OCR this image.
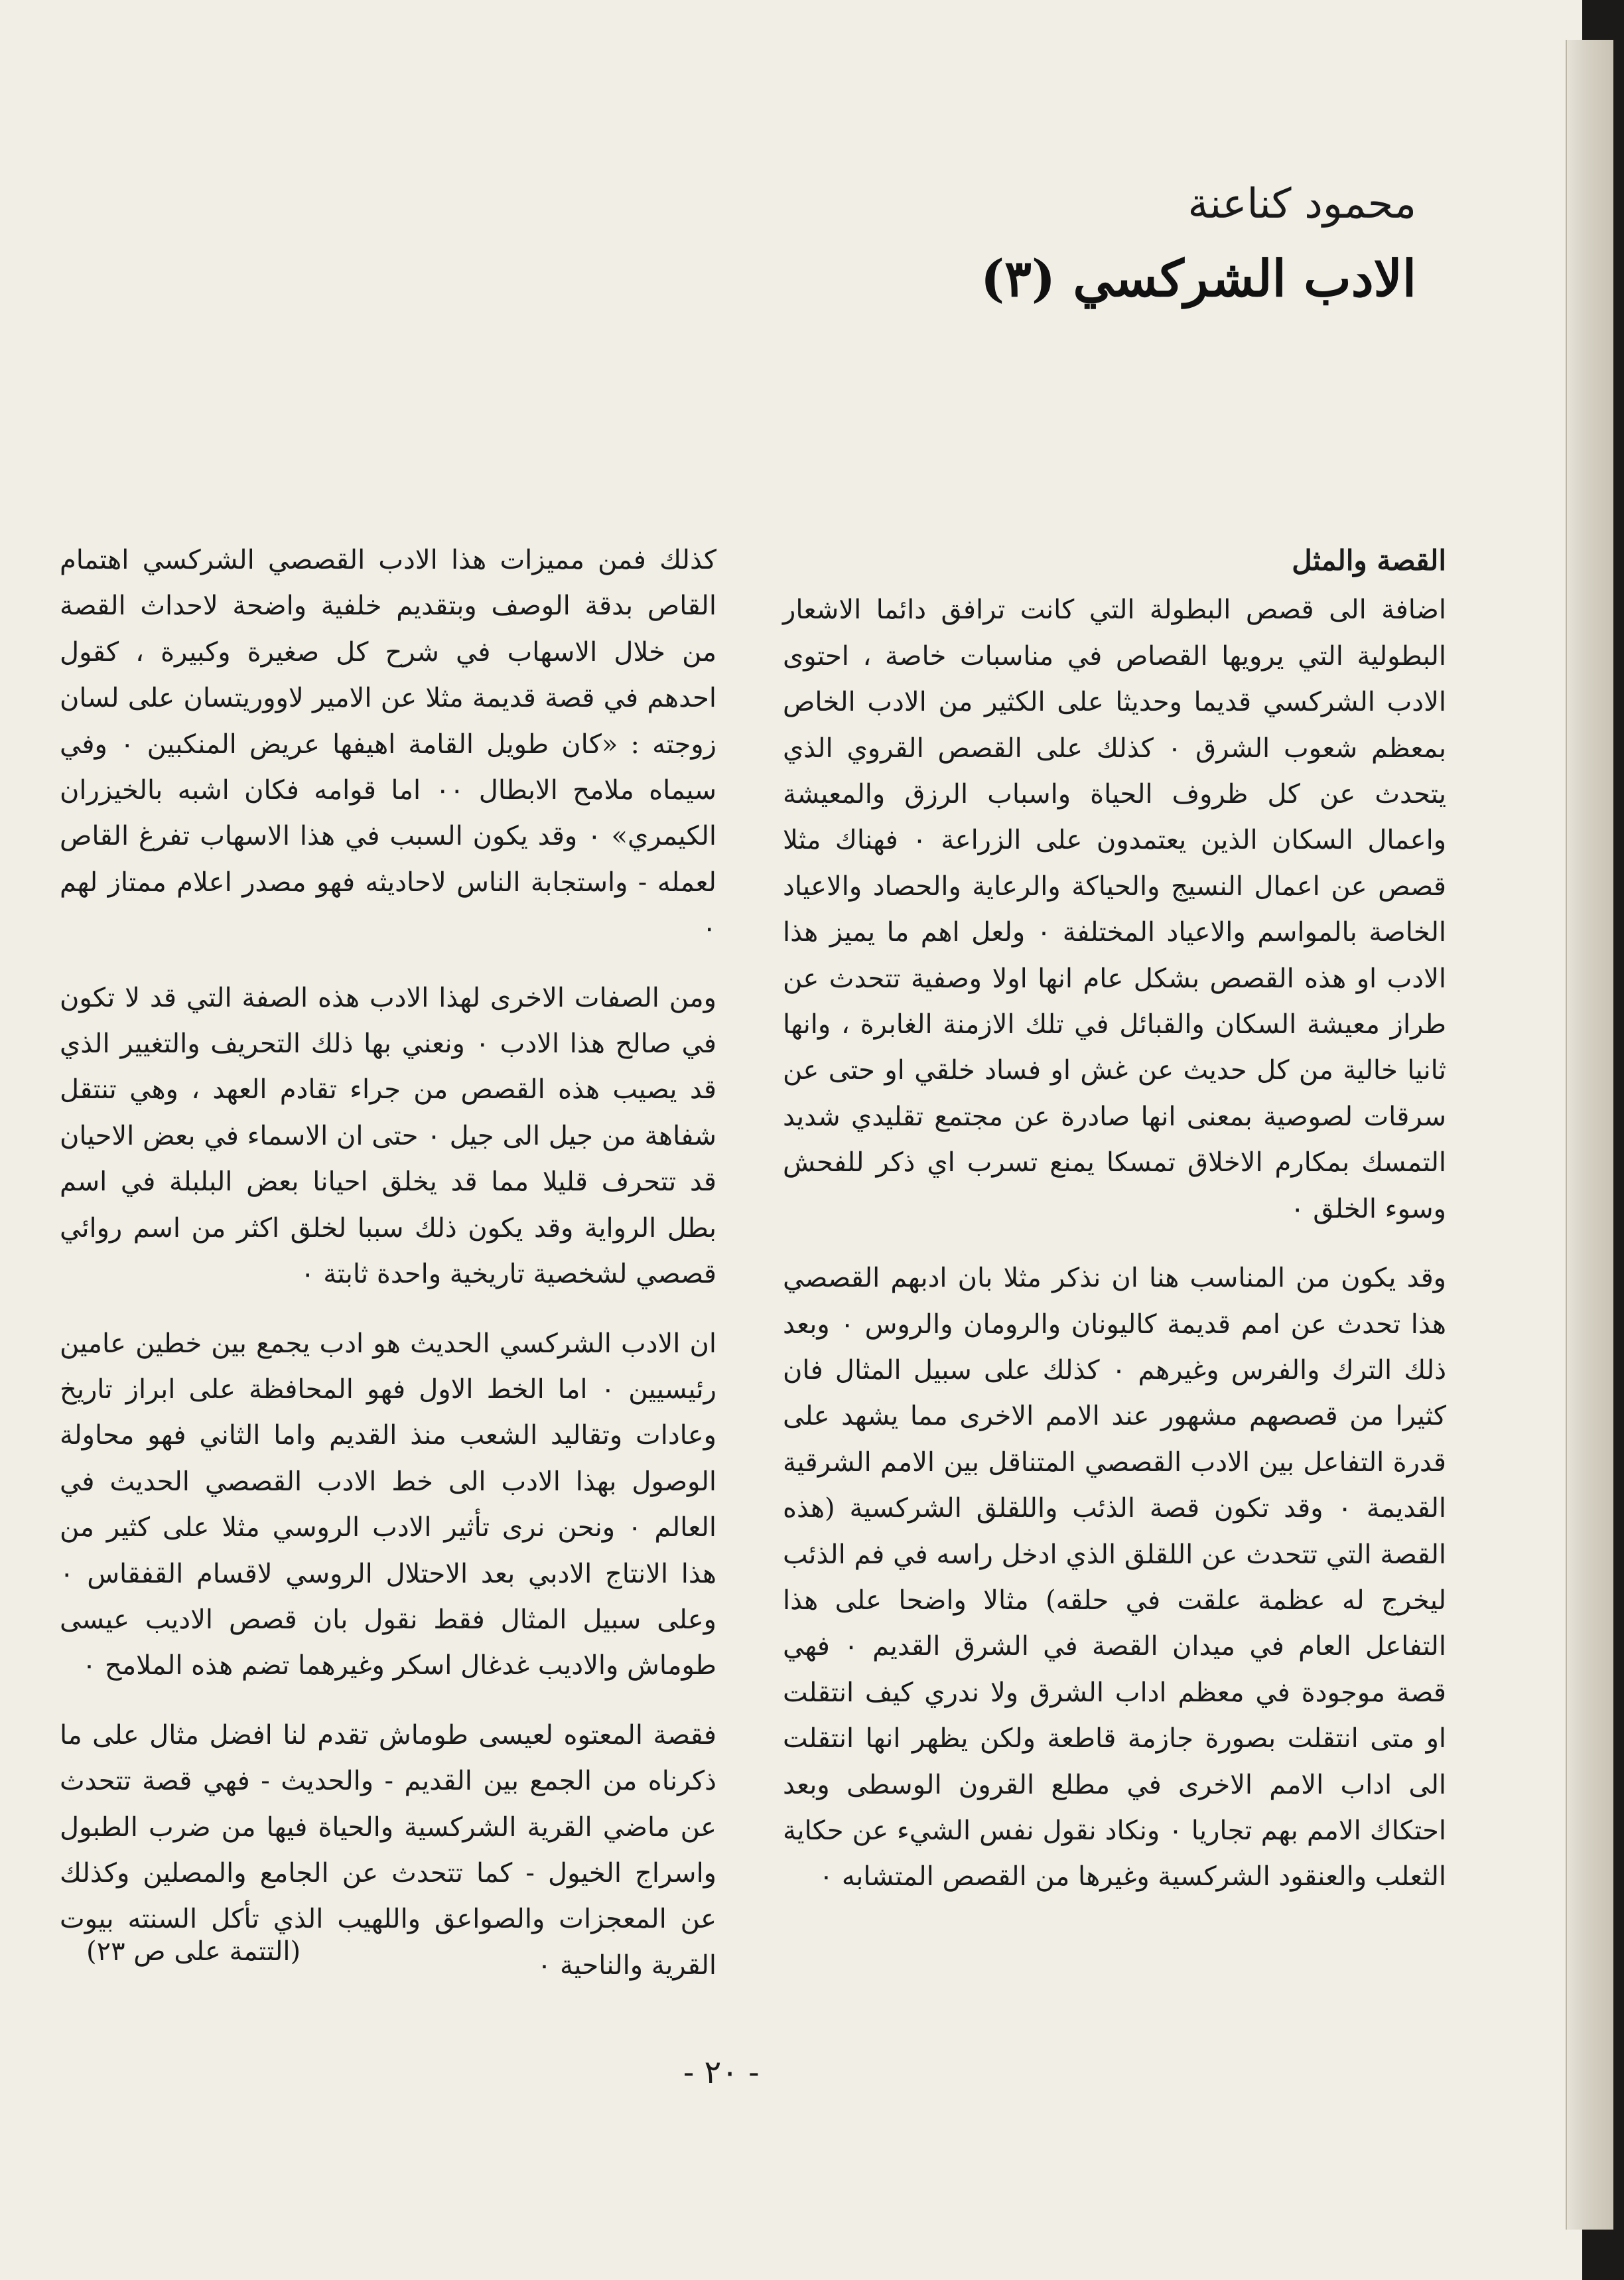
محمود كناعنة
الادب الشركسي (٣)
القصة والمثل

اضافة الى قصص البطولة التي كانت ترافق دائما الاشعار البطولية التي يرويها القصاص في مناسبات خاصة ، احتوى الادب الشركسي قديما وحديثا على الكثير من الادب الخاص بمعظم شعوب الشرق ٠ كذلك على القصص القروي الذي يتحدث عن كل ظروف الحياة واسباب الرزق والمعيشة واعمال السكان الذين يعتمدون على الزراعة ٠ فهناك مثلا قصص عن اعمال النسيج والحياكة والرعاية والحصاد والاعياد الخاصة بالمواسم والاعياد المختلفة ٠ ولعل اهم ما يميز هذا الادب او هذه القصص بشكل عام انها اولا وصفية تتحدث عن طراز معيشة السكان والقبائل في تلك الازمنة الغابرة ، وانها ثانيا خالية من كل حديث عن غش او فساد خلقي او حتى عن سرقات لصوصية بمعنى انها صادرة عن مجتمع تقليدي شديد التمسك بمكارم الاخلاق تمسكا يمنع تسرب اي ذكر للفحش وسوء الخلق ٠

وقد يكون من المناسب هنا ان نذكر مثلا بان ادبهم القصصي هذا تحدث عن امم قديمة كاليونان والرومان والروس ٠ وبعد ذلك الترك والفرس وغيرهم ٠ كذلك على سبيل المثال فان كثيرا من قصصهم مشهور عند الامم الاخرى مما يشهد على قدرة التفاعل بين الادب القصصي المتناقل بين الامم الشرقية القديمة ٠ وقد تكون قصة الذئب واللقلق الشركسية (هذه القصة التي تتحدث عن اللقلق الذي ادخل راسه في فم الذئب ليخرج له عظمة علقت في حلقه) مثالا واضحا على هذا التفاعل العام في ميدان القصة في الشرق القديم ٠ فهي قصة موجودة في معظم اداب الشرق ولا ندري كيف انتقلت او متى انتقلت بصورة جازمة قاطعة ولكن يظهر انها انتقلت الى اداب الامم الاخرى في مطلع القرون الوسطى وبعد احتكاك الامم بهم تجاريا ٠ ونكاد نقول نفس الشيء عن حكاية الثعلب والعنقود الشركسية وغيرها من القصص المتشابه ٠

كذلك فمن مميزات هذا الادب القصصي الشركسي اهتمام القاص بدقة الوصف وبتقديم خلفية واضحة لاحداث القصة من خلال الاسهاب في شرح كل صغيرة وكبيرة ، كقول احدهم في قصة قديمة مثلا عن الامير لاووريتسان على لسان زوجته : «كان طويل القامة اهيفها عريض المنكبين ٠ وفي سيماه ملامح الابطال ٠٠ اما قوامه فكان اشبه بالخيزران الكيمري» ٠ وقد يكون السبب في هذا الاسهاب تفرغ القاص لعمله - واستجابة الناس لاحاديثه فهو مصدر اعلام ممتاز لهم ٠

ومن الصفات الاخرى لهذا الادب هذه الصفة التي قد لا تكون في صالح هذا الادب ٠ ونعني بها ذلك التحريف والتغيير الذي قد يصيب هذه القصص من جراء تقادم العهد ، وهي تنتقل شفاهة من جيل الى جيل ٠ حتى ان الاسماء في بعض الاحيان قد تتحرف قليلا مما قد يخلق احيانا بعض البلبلة في اسم بطل الرواية وقد يكون ذلك سببا لخلق اكثر من اسم روائي قصصي لشخصية تاريخية واحدة ثابتة ٠

ان الادب الشركسي الحديث هو ادب يجمع بين خطين عامين رئيسيين ٠ اما الخط الاول فهو المحافظة على ابراز تاريخ وعادات وتقاليد الشعب منذ القديم واما الثاني فهو محاولة الوصول بهذا الادب الى خط الادب القصصي الحديث في العالم ٠ ونحن نرى تأثير الادب الروسي مثلا على كثير من هذا الانتاج الادبي بعد الاحتلال الروسي لاقسام القفقاس ٠ وعلى سبيل المثال فقط نقول بان قصص الاديب عيسى طوماش والاديب غدغال اسكر وغيرهما تضم هذه الملامح ٠

فقصة المعتوه لعيسى طوماش تقدم لنا افضل مثال على ما ذكرناه من الجمع بين القديم - والحديث - فهي قصة تتحدث عن ماضي القرية الشركسية والحياة فيها من ضرب الطبول واسراج الخيول - كما تتحدث عن الجامع والمصلين وكذلك عن المعجزات والصواعق واللهيب الذي تأكل السنته بيوت القرية والناحية ٠

(التتمة على ص ٢٣)
- ٢٠ -
